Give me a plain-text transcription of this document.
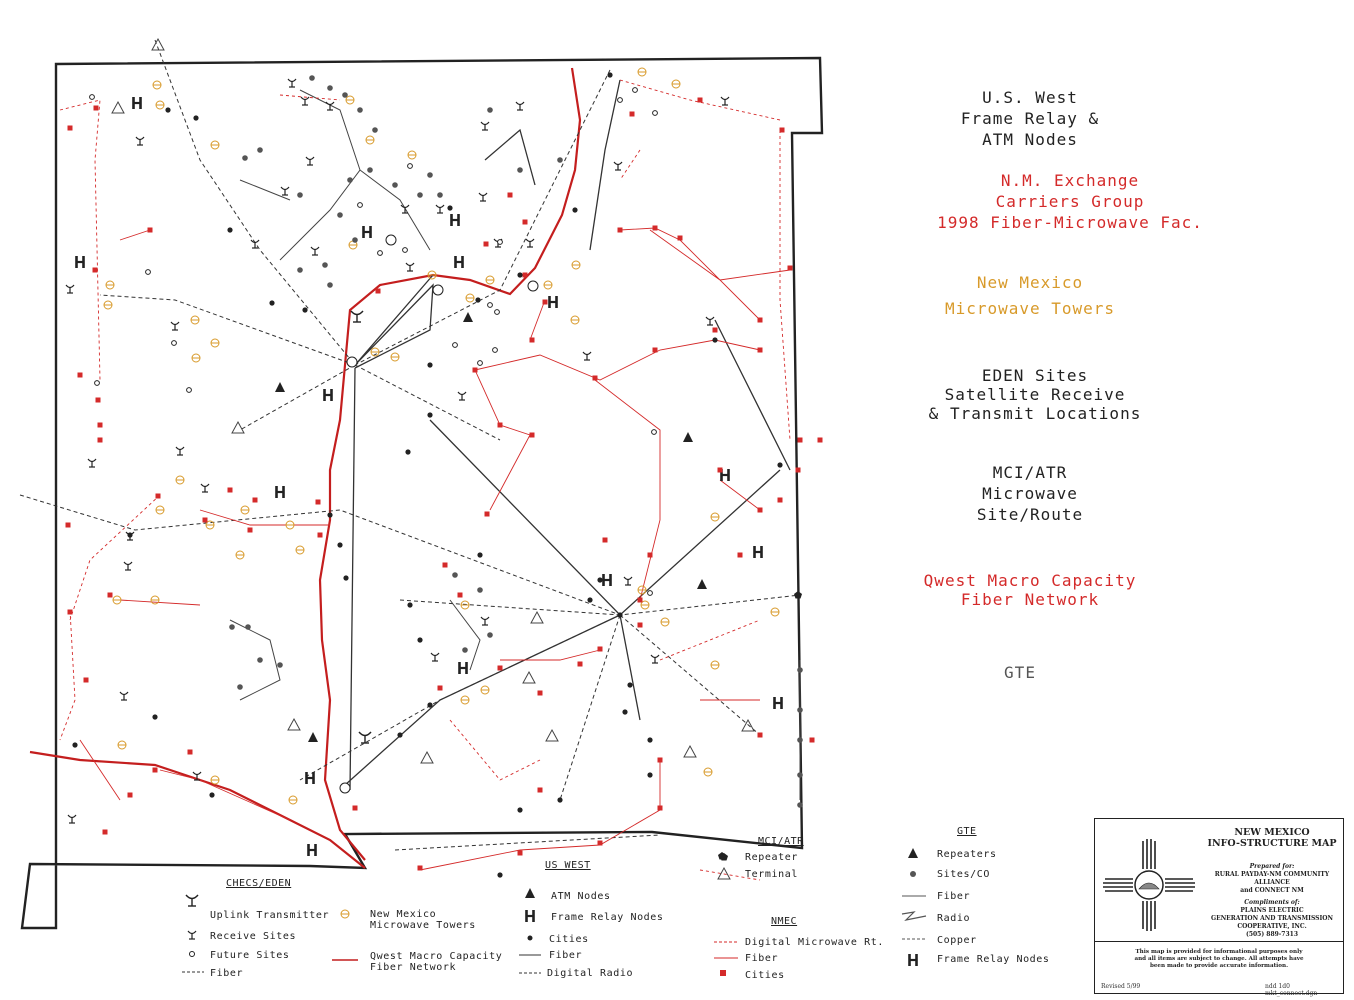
U.S. West
Frame Relay &
ATM Nodes
N.M. Exchange
Carriers Group
1998 Fiber-Microwave Fac.
New Mexico
Microwave Towers
EDEN Sites
Satellite Receive
& Transmit Locations
MCI/ATR
Microwave
Site/Route
Qwest Macro Capacity
Fiber Network
GTE
CHECS/EDEN
Uplink Transmitter
Receive Sites
Future Sites
Fiber
New Mexico
Microwave Towers
Qwest Macro Capacity
Fiber Network
US WEST
ATM Nodes
Frame Relay Nodes
Cities
Fiber
Digital Radio
MCI/ATR
Repeater
Terminal
NMEC
Digital Microwave Rt.
Fiber
Cities
GTE
Repeaters
Sites/CO
Fiber
Radio
Copper
Frame Relay Nodes
NEW MEXICO
INFO-STRUCTURE MAP
Prepared for:
RURAL PAYDAY-NM COMMUNITY ALLIANCE
and CONNECT NM
Compliments of:
PLAINS ELECTRIC
GENERATION AND TRANSMISSION
COOPERATIVE, INC.
(505) 889-7313
This map is provided for informational purposes only
and all items are subject to change. All attempts have
been made to provide accurate information.
Revised 5/99	ndd 1d0 mkt_connect.dgn
